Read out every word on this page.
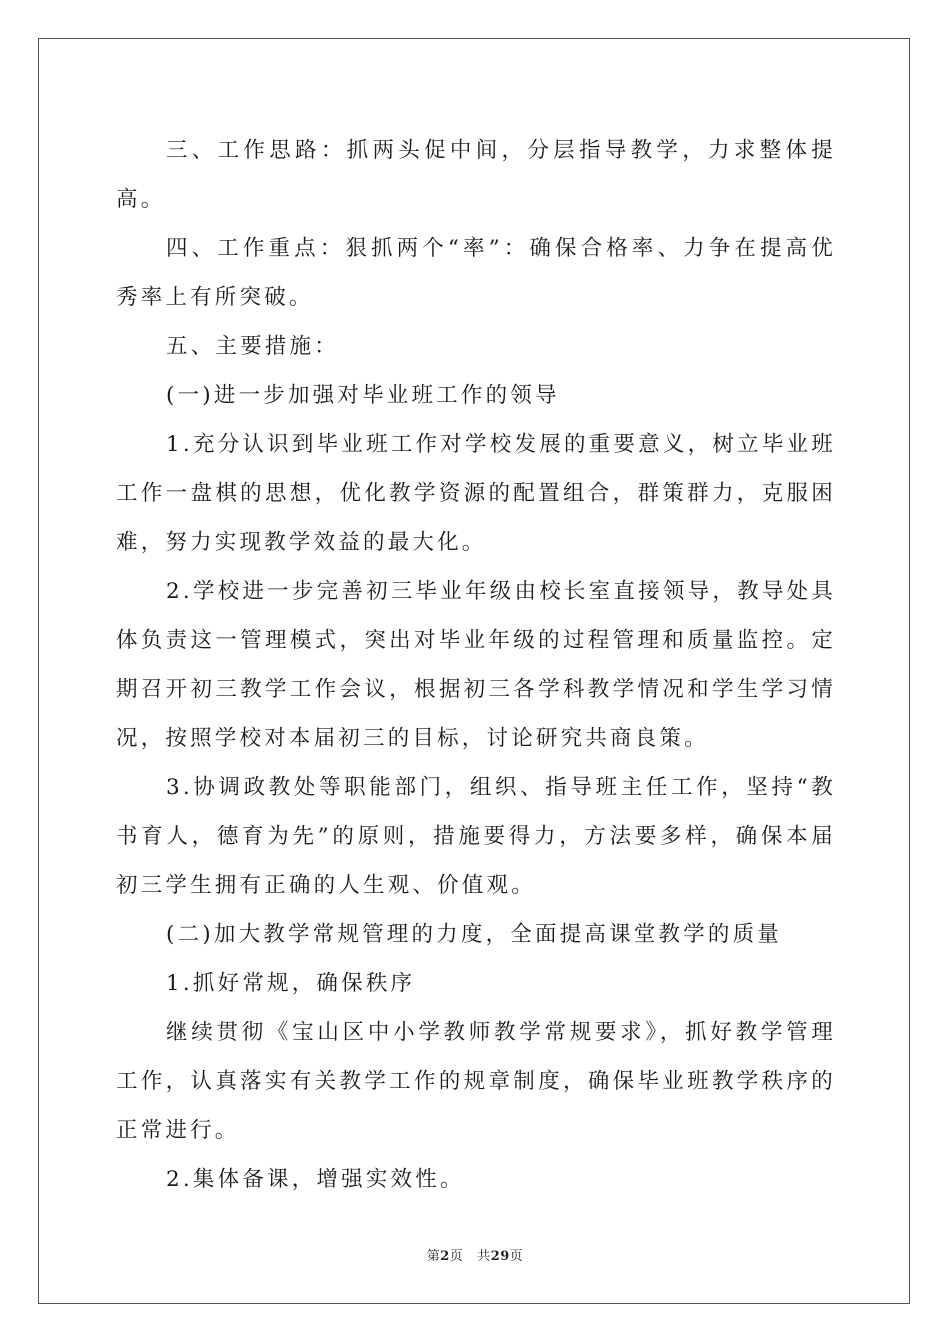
三、工作思路：抓两头促中间，分层指导教学，力求整体提高。

四、工作重点：狠抓两个“率”：确保合格率、力争在提高优秀率上有所突破。

五、主要措施：

(一)进一步加强对毕业班工作的领导

1.充分认识到毕业班工作对学校发展的重要意义，树立毕业班工作一盘棋的思想，优化教学资源的配置组合，群策群力，克服困难，努力实现教学效益的最大化。

2.学校进一步完善初三毕业年级由校长室直接领导，教导处具体负责这一管理模式，突出对毕业年级的过程管理和质量监控。定期召开初三教学工作会议，根据初三各学科教学情况和学生学习情况，按照学校对本届初三的目标，讨论研究共商良策。

3.协调政教处等职能部门，组织、指导班主任工作，坚持“教书育人，德育为先”的原则，措施要得力，方法要多样，确保本届初三学生拥有正确的人生观、价值观。

(二)加大教学常规管理的力度，全面提高课堂教学的质量

1.抓好常规，确保秩序

继续贯彻《宝山区中小学教师教学常规要求》，抓好教学管理工作，认真落实有关教学工作的规章制度，确保毕业班教学秩序的正常进行。

2.集体备课，增强实效性。

第2页 共29页
